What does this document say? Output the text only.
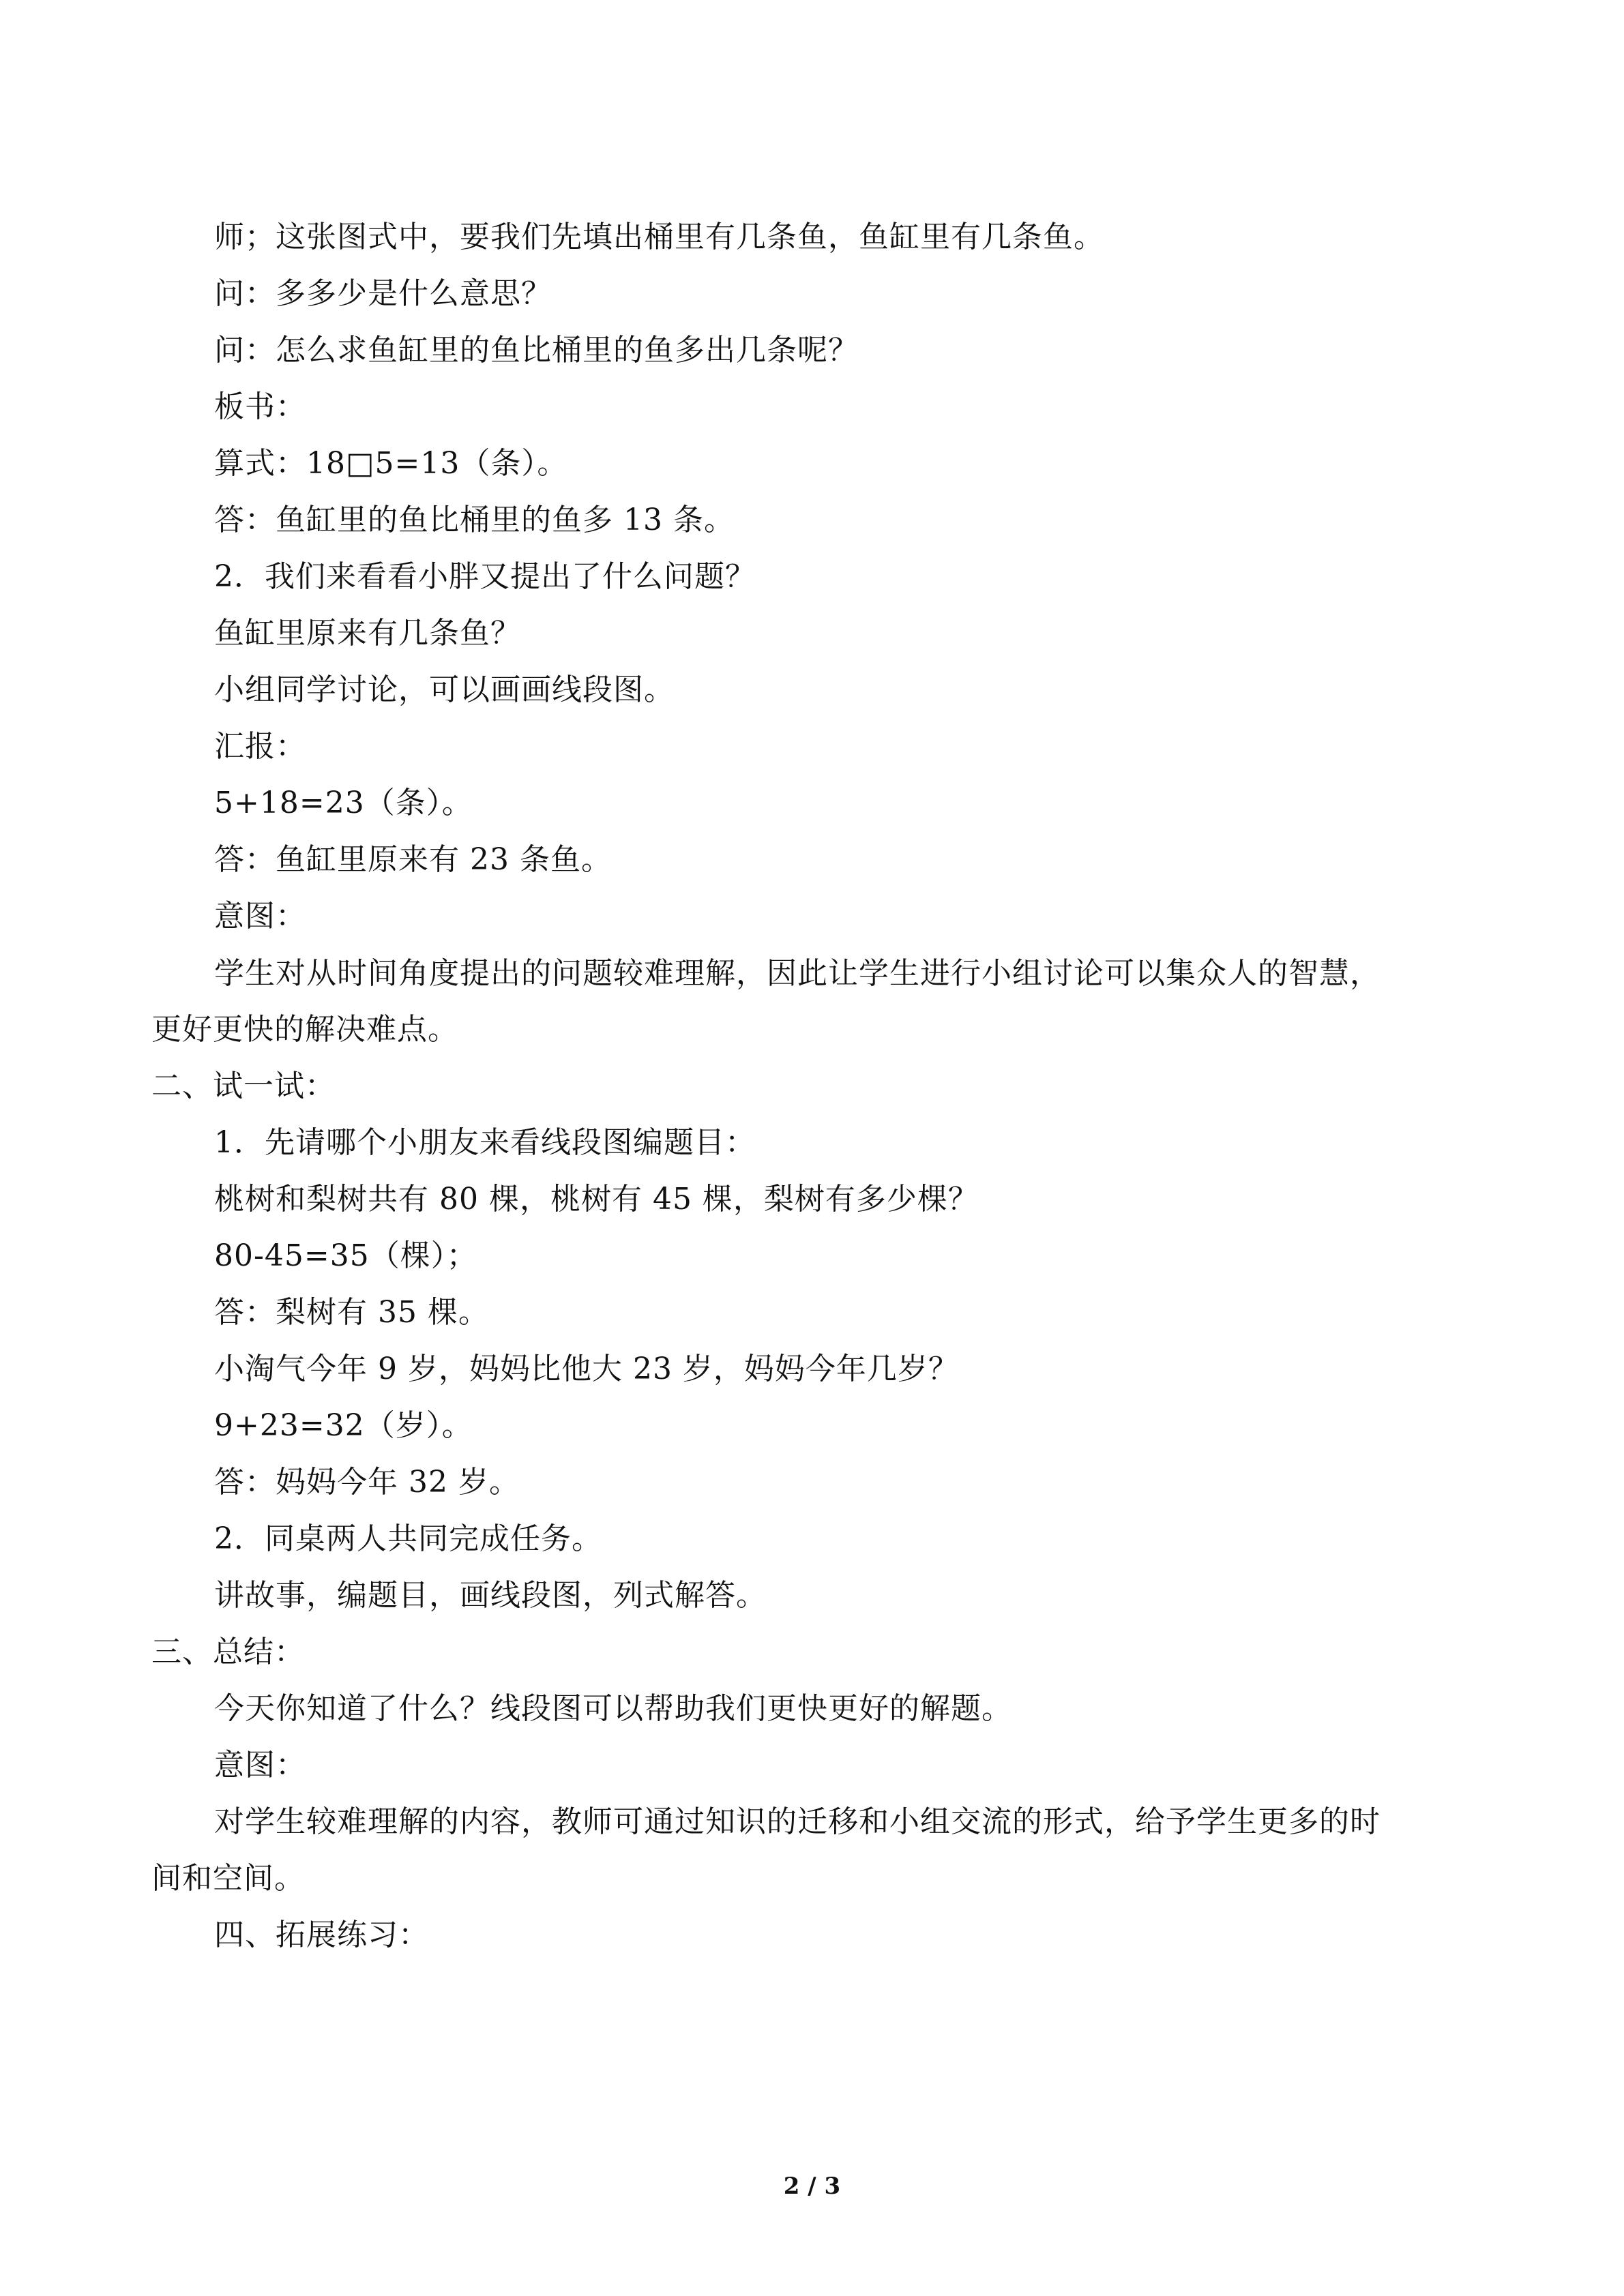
师；这张图式中，要我们先填出桶里有几条鱼，鱼缸里有几条鱼。
问：多多少是什么意思？
问：怎么求鱼缸里的鱼比桶里的鱼多出几条呢？
板书：
算式：18□5=13（条）。
答：鱼缸里的鱼比桶里的鱼多 13 条。
2．我们来看看小胖又提出了什么问题？
鱼缸里原来有几条鱼？
小组同学讨论，可以画画线段图。
汇报：
5+18=23（条）。
答：鱼缸里原来有 23 条鱼。
意图：
学生对从时间角度提出的问题较难理解，因此让学生进行小组讨论可以集众人的智慧，
更好更快的解决难点。
二、试一试：
1．先请哪个小朋友来看线段图编题目：
桃树和梨树共有 80 棵，桃树有 45 棵，梨树有多少棵？
80-45=35（棵）；
答：梨树有 35 棵。
小淘气今年 9 岁，妈妈比他大 23 岁，妈妈今年几岁？
9+23=32（岁）。
答：妈妈今年 32 岁。
2．同桌两人共同完成任务。
讲故事，编题目，画线段图，列式解答。
三、总结：
今天你知道了什么？线段图可以帮助我们更快更好的解题。
意图：
对学生较难理解的内容，教师可通过知识的迁移和小组交流的形式，给予学生更多的时
间和空间。
四、拓展练习：
2 / 3
